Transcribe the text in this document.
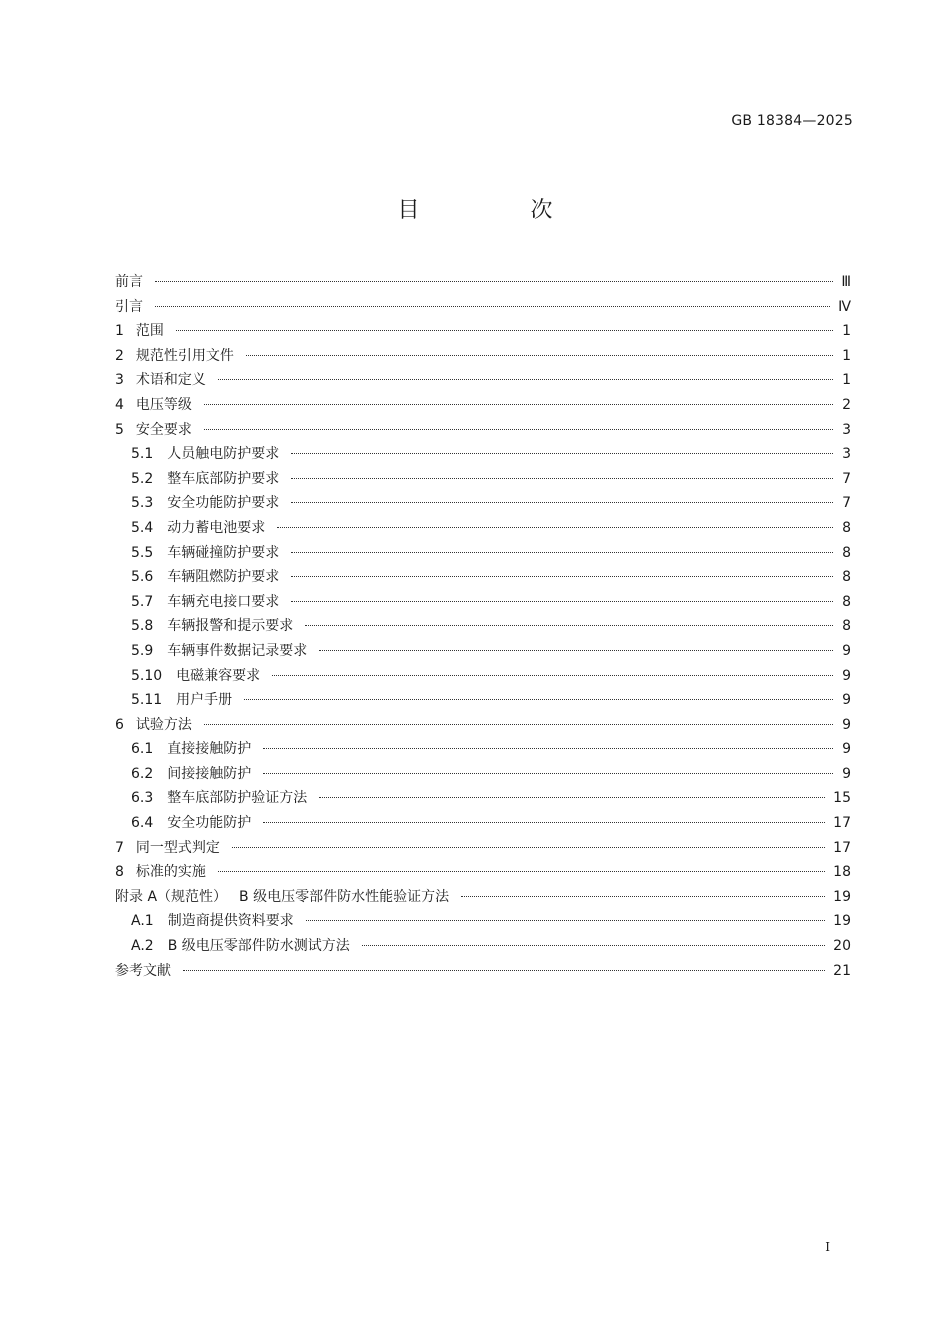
GB 18384—2025
目 次
前言	Ⅲ
引言	Ⅳ
1 范围	1
2 规范性引用文件	1
3 术语和定义	1
4 电压等级	2
5 安全要求	3
5.1 人员触电防护要求	3
5.2 整车底部防护要求	7
5.3 安全功能防护要求	7
5.4 动力蓄电池要求	8
5.5 车辆碰撞防护要求	8
5.6 车辆阻燃防护要求	8
5.7 车辆充电接口要求	8
5.8 车辆报警和提示要求	8
5.9 车辆事件数据记录要求	9
5.10 电磁兼容要求	9
5.11 用户手册	9
6 试验方法	9
6.1 直接接触防护	9
6.2 间接接触防护	9
6.3 整车底部防护验证方法	15
6.4 安全功能防护	17
7 同一型式判定	17
8 标准的实施	18
附录 A（规范性） B 级电压零部件防水性能验证方法	19
A.1 制造商提供资料要求	19
A.2 B 级电压零部件防水测试方法	20
参考文献	21
I
